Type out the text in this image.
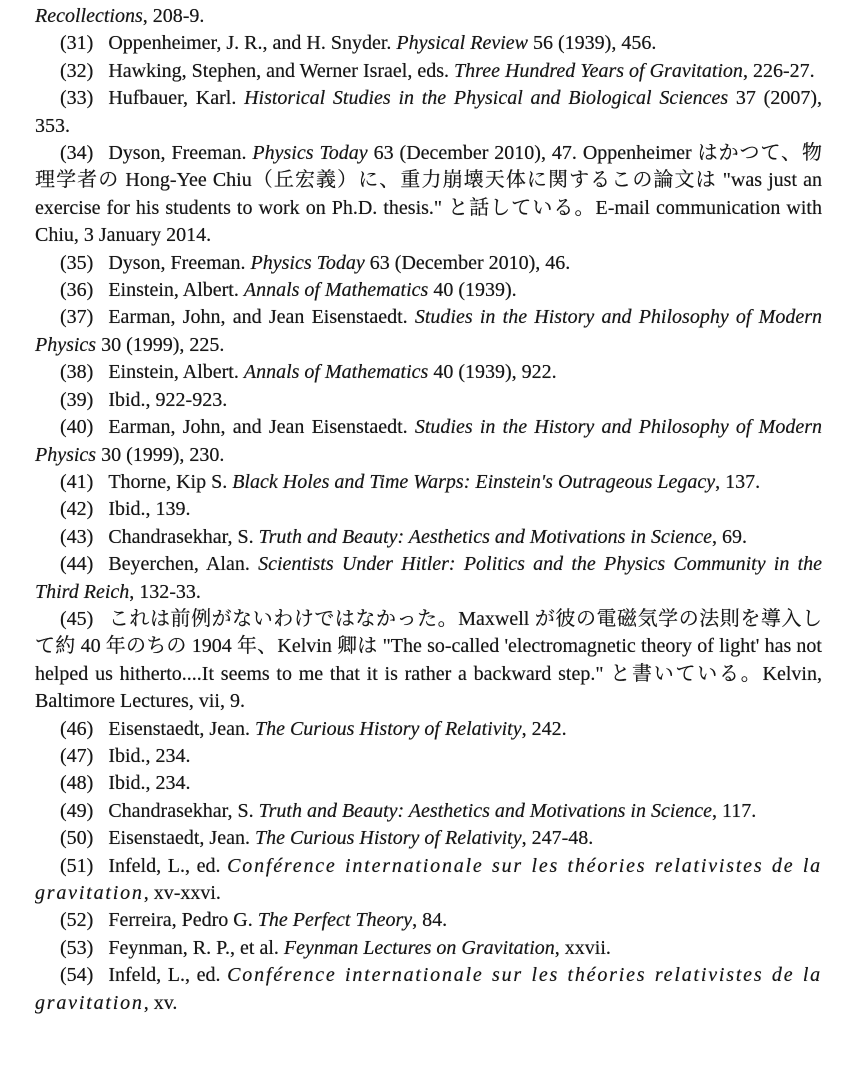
Recollections, 208-9.

(31) Oppenheimer, J. R., and H. Snyder. Physical Review 56 (1939), 456.

(32) Hawking, Stephen, and Werner Israel, eds. Three Hundred Years of Gravitation, 226-27.

(33) Hufbauer, Karl. Historical Studies in the Physical and Biological Sciences 37 (2007), 353.

(34) Dyson, Freeman. Physics Today 63 (December 2010), 47. Oppenheimer はかつて、物理学者の Hong-Yee Chiu（丘宏義）に、重力崩壊天体に関するこの論文は "was just an exercise for his students to work on Ph.D. thesis." と話している。E-mail communication with Chiu, 3 January 2014.

(35) Dyson, Freeman. Physics Today 63 (December 2010), 46.

(36) Einstein, Albert. Annals of Mathematics 40 (1939).

(37) Earman, John, and Jean Eisenstaedt. Studies in the History and Philosophy of Modern Physics 30 (1999), 225.

(38) Einstein, Albert. Annals of Mathematics 40 (1939), 922.

(39) Ibid., 922-923.

(40) Earman, John, and Jean Eisenstaedt. Studies in the History and Philosophy of Modern Physics 30 (1999), 230.

(41) Thorne, Kip S. Black Holes and Time Warps: Einstein's Outrageous Legacy, 137.

(42) Ibid., 139.

(43) Chandrasekhar, S. Truth and Beauty: Aesthetics and Motivations in Science, 69.

(44) Beyerchen, Alan. Scientists Under Hitler: Politics and the Physics Community in the Third Reich, 132-33.

(45) これは前例がないわけではなかった。Maxwell が彼の電磁気学の法則を導入して約 40 年のちの 1904 年、Kelvin 卿は "The so-called 'electromagnetic theory of light' has not helped us hitherto....It seems to me that it is rather a backward step." と書いている。Kelvin, Baltimore Lectures, vii, 9.

(46) Eisenstaedt, Jean. The Curious History of Relativity, 242.

(47) Ibid., 234.

(48) Ibid., 234.

(49) Chandrasekhar, S. Truth and Beauty: Aesthetics and Motivations in Science, 117.

(50) Eisenstaedt, Jean. The Curious History of Relativity, 247-48.

(51) Infeld, L., ed. Conférence internationale sur les théories relativistes de la gravitation, xv-xxvi.

(52) Ferreira, Pedro G. The Perfect Theory, 84.

(53) Feynman, R. P., et al. Feynman Lectures on Gravitation, xxvii.

(54) Infeld, L., ed. Conférence internationale sur les théories relativistes de la gravitation, xv.
